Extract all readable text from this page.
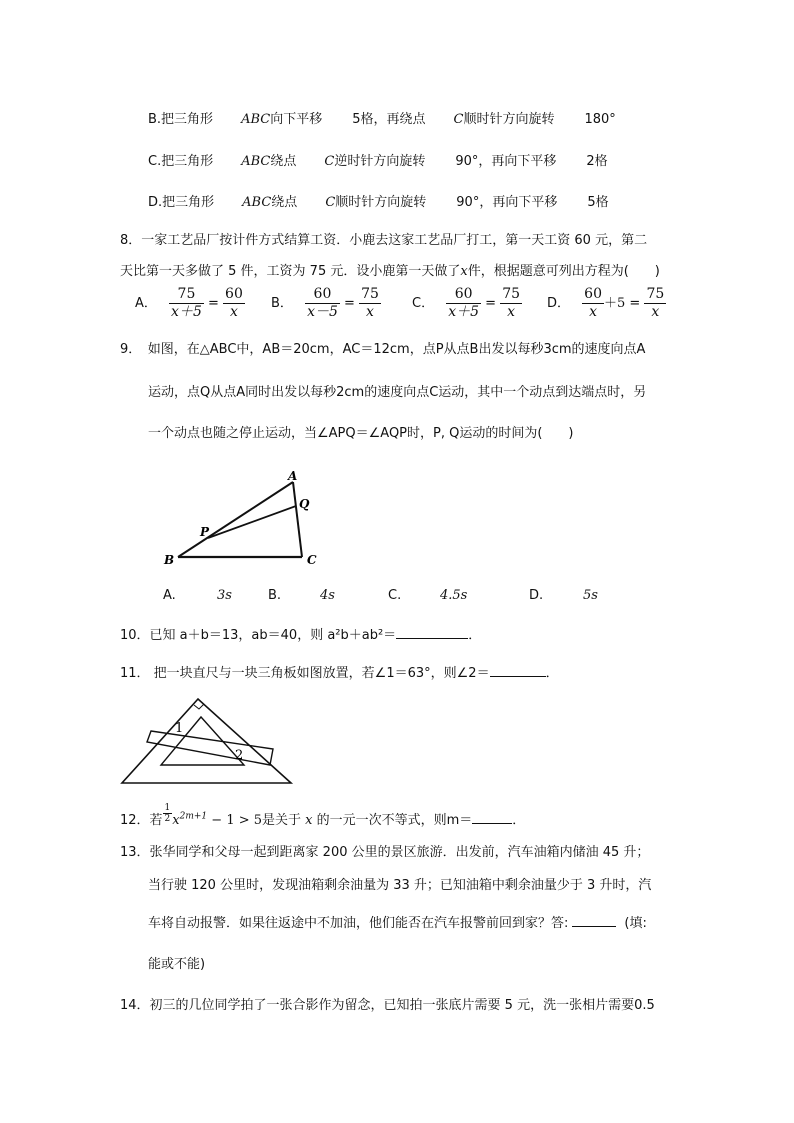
B.把三角形 ABC向下平移 5格，再绕点 C顺时针方向旋转 180°
C.把三角形 ABC绕点 C逆时针方向旋转 90°，再向下平移 2格
D.把三角形 ABC绕点 C顺时针方向旋转 90°，再向下平移 5格
8．一家工艺品厂按计件方式结算工资．小鹿去这家工艺品厂打工，第一天工资 60 元，第二
天比第一天多做了 5 件，工资为 75 元．设小鹿第一天做了x件，根据题意可列出方程为(　　)
A． $\frac{75}{x+5} = \frac{60}{x}$ B． $\frac{60}{x-5} = \frac{75}{x}$ C． $\frac{60}{x+5} = \frac{75}{x}$ D． $\frac{60}{x} +5 = \frac{75}{x}$
9．　如图，在△ABC中，AB＝20cm，AC＝12cm，点P从点B出发以每秒3cm的速度向点A
运动，点Q从点A同时出发以每秒2cm的速度向点C运动，其中一个动点到达端点时，另
一个动点也随之停止运动，当∠APQ＝∠AQP时，P, Q运动的时间为(　　)
A
B	C
P
Q
A.	3s	B.	4s	C.	4.5s	D.	5s
10．已知 a＋b＝13，ab＝40，则 a²b＋ab²＝	．
11． 把一块直尺与一块三角板如图放置，若∠1＝63°，则∠2＝	．
1
2
12．若 $\frac{1}{2} x^{2m+1} - 1 > 5$是关于 x 的一元一次不等式，则m＝	．
13．张华同学和父母一起到距离家 200 公里的景区旅游．出发前，汽车油箱内储油 45 升；
当行驶 120 公里时，发现油箱剩余油量为 33 升；已知油箱中剩余油量少于 3 升时，汽
车将自动报警．如果往返途中不加油，他们能否在汽车报警前回到家？答:	(填:
能或不能)
14．初三的几位同学拍了一张合影作为留念，已知拍一张底片需要 5 元，洗一张相片需要0.5
